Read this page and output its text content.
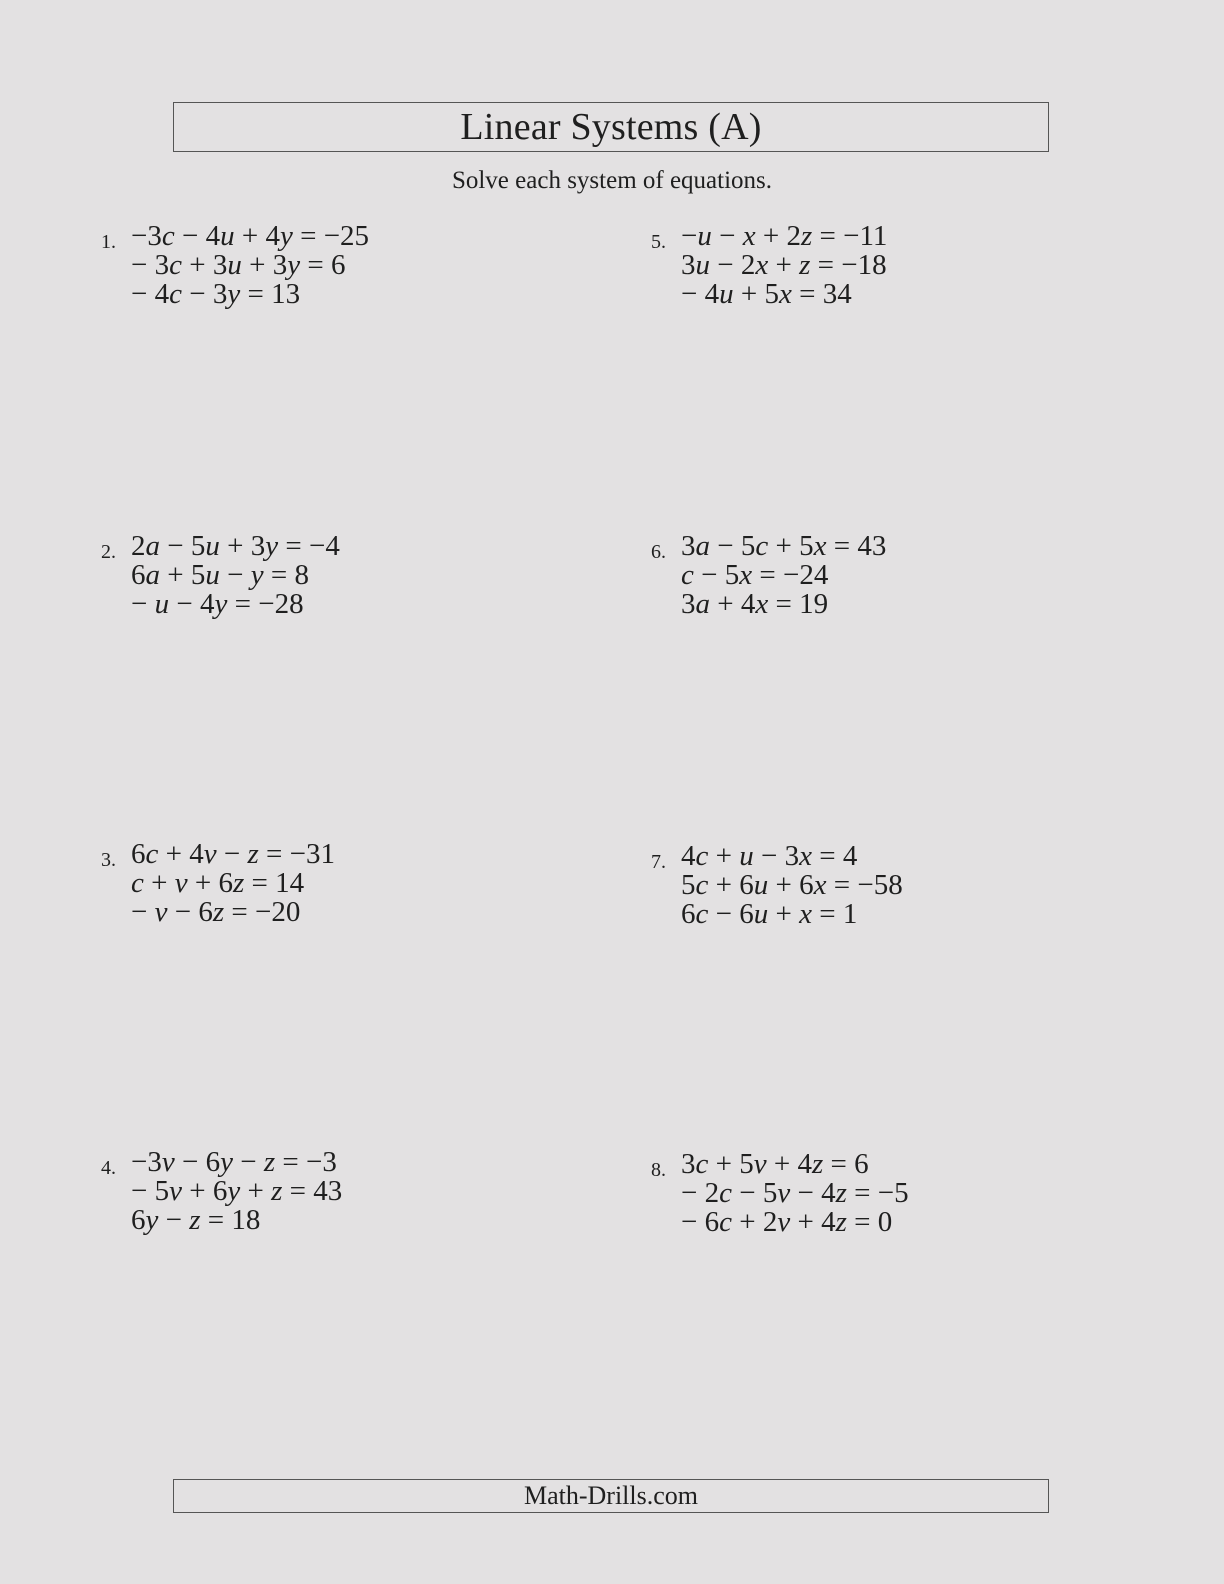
Linear Systems (A)
Solve each system of equations.
1. −3c − 4u + 4y = −25
− 3c + 3u + 3y = 6
− 4c − 3y = 13
2. 2a − 5u + 3y = −4
6a + 5u − y = 8
− u − 4y = −28
3. 6c + 4v − z = −31
c + v + 6z = 14
− v − 6z = −20
4. −3v − 6y − z = −3
− 5v + 6y + z = 43
6y − z = 18
5. −u − x + 2z = −11
3u − 2x + z = −18
− 4u + 5x = 34
6. 3a − 5c + 5x = 43
c − 5x = −24
3a + 4x = 19
7. 4c + u − 3x = 4
5c + 6u + 6x = −58
6c − 6u + x = 1
8. 3c + 5v + 4z = 6
− 2c − 5v − 4z = −5
− 6c + 2v + 4z = 0
Math-Drills.com
